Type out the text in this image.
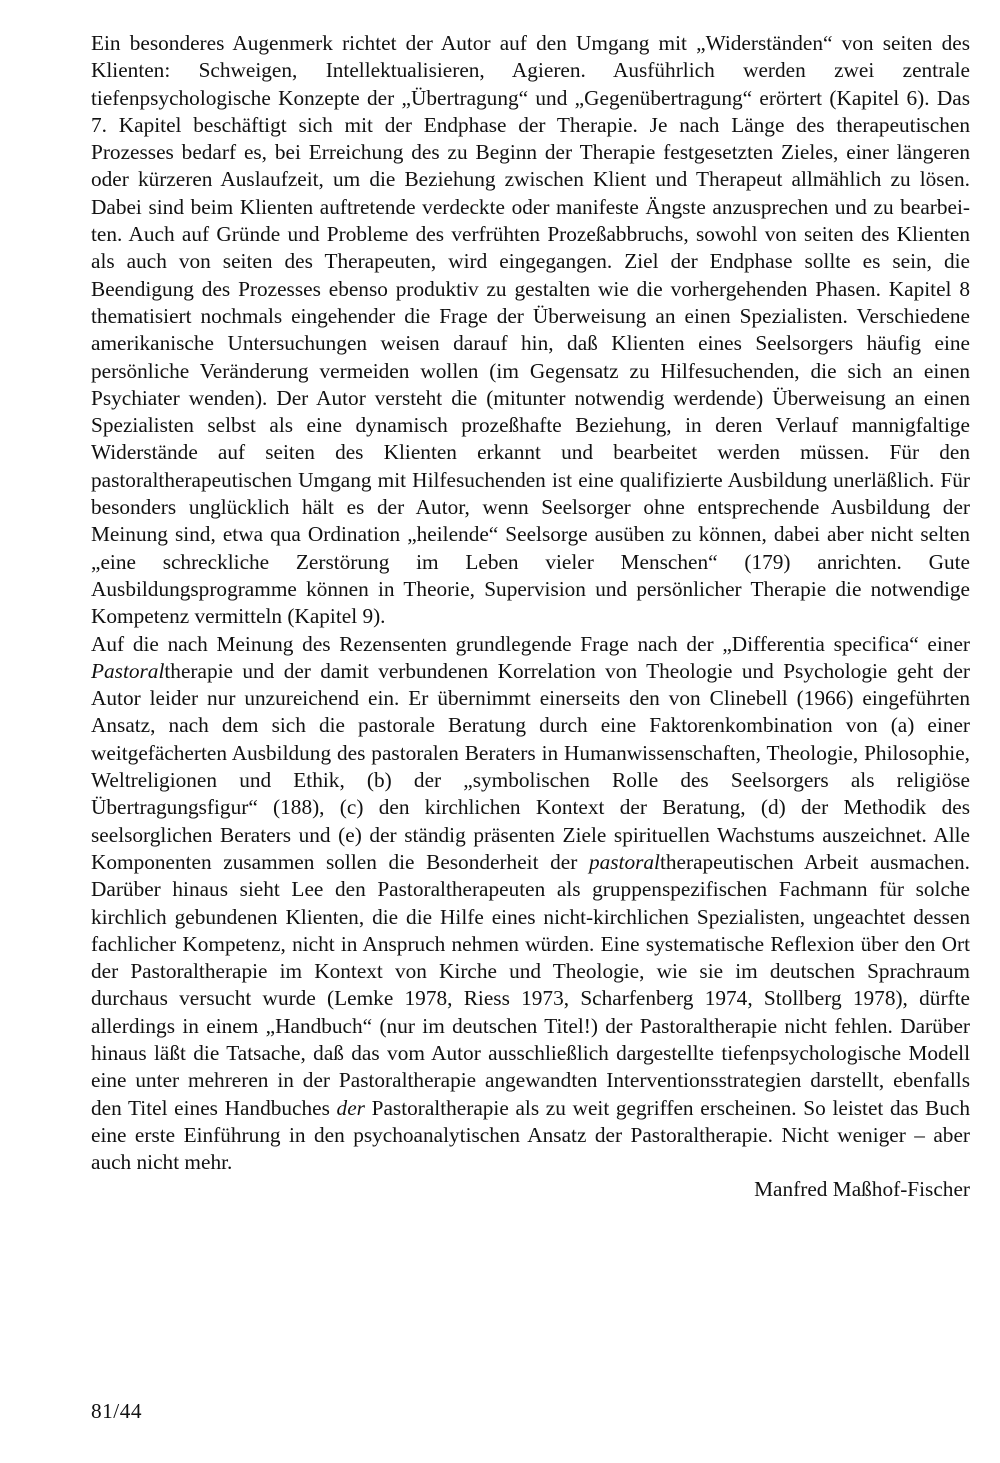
Ein besonderes Augenmerk richtet der Autor auf den Umgang mit „Widerständen“ von seiten des Klienten: Schweigen, Intellektualisieren, Agieren. Ausführlich werden zwei zentrale tiefenpsychologische Konzepte der „Übertragung“ und „Gegenübertragung“ erörtert (Kapitel 6). Das 7. Kapitel beschäftigt sich mit der Endphase der Therapie. Je nach Länge des therapeutischen Prozesses bedarf es, bei Erreichung des zu Beginn der Therapie festgesetzten Zieles, einer längeren oder kürzeren Auslaufzeit, um die Beziehung zwischen Klient und Therapeut allmählich zu lösen. Dabei sind beim Klienten auftretende verdeckte oder manifeste Ängste anzusprechen und zu bearbeiten. Auch auf Gründe und Probleme des verfrühten Prozeßabbruchs, sowohl von seiten des Klienten als auch von seiten des Therapeuten, wird eingegangen. Ziel der Endphase sollte es sein, die Beendigung des Prozesses ebenso produktiv zu gestalten wie die vorhergehenden Phasen. Kapitel 8 thematisiert nochmals eingehender die Frage der Überweisung an einen Spezialisten. Verschiedene amerikanische Untersuchungen weisen darauf hin, daß Klienten eines Seelsorgers häufig eine persönliche Veränderung vermeiden wollen (im Gegensatz zu Hilfesuchenden, die sich an einen Psychiater wenden). Der Autor versteht die (mitunter notwendig werdende) Überweisung an einen Spezialisten selbst als eine dynamisch prozeßhafte Beziehung, in deren Verlauf mannigfaltige Widerstände auf seiten des Klienten erkannt und bearbeitet werden müssen. Für den pastoraltherapeutischen Umgang mit Hilfesuchenden ist eine qualifizierte Ausbildung unerläßlich. Für besonders unglücklich hält es der Autor, wenn Seelsorger ohne entsprechende Ausbildung der Meinung sind, etwa qua Ordination „heilende“ Seelsorge ausüben zu können, dabei aber nicht selten „eine schreckliche Zerstörung im Leben vieler Menschen“ (179) anrichten. Gute Ausbildungsprogramme können in Theorie, Supervision und persönlicher Therapie die notwendige Kompetenz vermitteln (Kapitel 9).

Auf die nach Meinung des Rezensenten grundlegende Frage nach der „Differentia specifica“ einer Pastoraltherapie und der damit verbundenen Korrelation von Theologie und Psychologie geht der Autor leider nur unzureichend ein. Er übernimmt einerseits den von Clinebell (1966) eingeführten Ansatz, nach dem sich die pastorale Beratung durch eine Faktorenkombination von (a) einer weitgefächerten Ausbildung des pastoralen Beraters in Humanwissenschaften, Theologie, Philosophie, Weltreligionen und Ethik, (b) der „symbolischen Rolle des Seelsorgers als religiöse Übertragungsfigur“ (188), (c) den kirchlichen Kontext der Beratung, (d) der Methodik des seelsorglichen Beraters und (e) der ständig präsenten Ziele spirituellen Wachstums auszeichnet. Alle Komponenten zusammen sollen die Besonderheit der pastoraltherapeutischen Arbeit ausmachen. Darüber hinaus sieht Lee den Pastoraltherapeuten als gruppenspezifischen Fachmann für solche kirchlich gebundenen Klienten, die die Hilfe eines nicht-kirchlichen Spezialisten, ungeachtet dessen fachlicher Kompetenz, nicht in Anspruch nehmen würden. Eine systematische Reflexion über den Ort der Pastoraltherapie im Kontext von Kirche und Theologie, wie sie im deutschen Sprachraum durchaus versucht wurde (Lemke 1978, Riess 1973, Scharfenberg 1974, Stollberg 1978), dürfte allerdings in einem „Handbuch“ (nur im deutschen Titel!) der Pastoraltherapie nicht fehlen. Darüber hinaus läßt die Tatsache, daß das vom Autor ausschließlich dargestellte tiefenpsychologische Modell eine unter mehreren in der Pastoraltherapie angewandten Interventionsstrategien darstellt, ebenfalls den Titel eines Handbuches der Pastoraltherapie als zu weit gegriffen erscheinen. So leistet das Buch eine erste Einführung in den psychoanalytischen Ansatz der Pastoraltherapie. Nicht weniger – aber auch nicht mehr.

Manfred Maßhof-Fischer

81/44
